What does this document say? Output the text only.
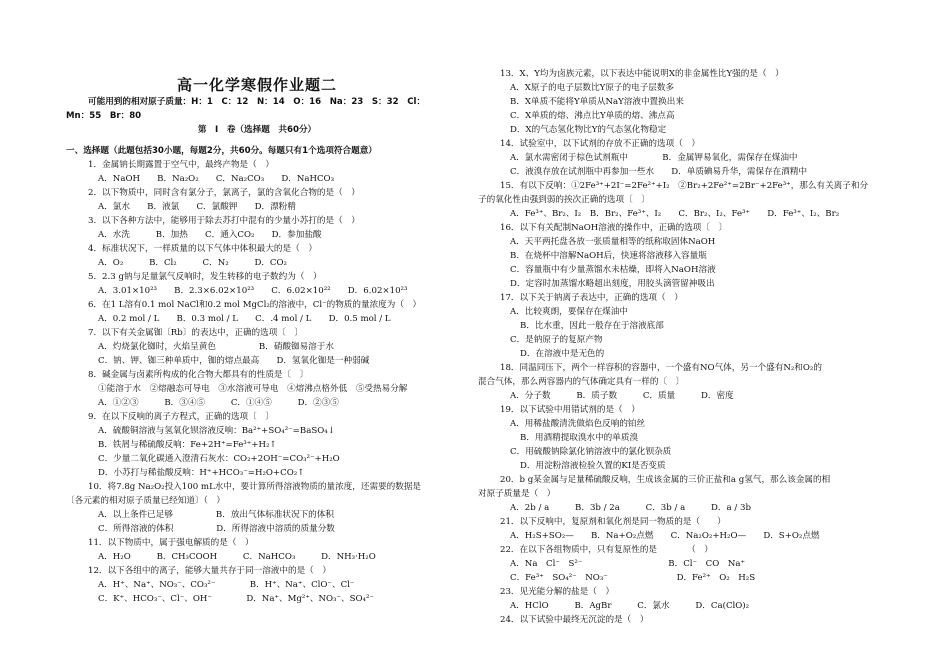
高一化学寒假作业题二
可能用到的相对原子质量：H：1　C：12　N：14　O：16　Na：23　S：32　Cl：
Mn：55　Br：80
第　Ⅰ　卷（选择题　共60分）
一、选择题（此题包括30小题，每题2分，共60分。每题只有1个选项符合题意）
1．金属钠长期露置于空气中，最终产物是（　）
A．NaOH　　B．Na₂O₂　　C．Na₂CO₃　　D．NaHCO₃
2．以下物质中，同时含有氯分子，氯离子，氯的含氧化合物的是（　）
A．氯水　　B．液氯　　C．氯酸钾　　D．漂粉精
3．以下各种方法中，能够用于除去苏打中混有的少量小苏打的是（　）
A．水洗　　　B．加热　　C．通入CO₂　　D．参加盐酸
4．标准状况下，一样质量的以下气体中体积最大的是（　）
A．O₂　　　B．Cl₂　　　C．N₂　　　D．CO₂
5．2.3 g钠与足量氯气反响时，发生转移的电子数约为（　）
A．3.01×10²³　　B．2.3×6.02×10²³　　C．6.02×10²²　　D．6.02×10²³
6．在1 L溶有0.1 mol NaCl和0.2 mol MgCl₂的溶液中，Cl⁻的物质的量浓度为（　）
A．0.2 mol / L　　B．0.3 mol / L　　C．.4 mol / L　　D．0.5 mol / L
7．以下有关金属铷〔Rb〕的表达中，正确的选项〔　〕
A．灼烧氯化铷时，火焰呈黄色　　　　　B．硝酸铷易溶于水
C．钠、钾、铷三种单质中，铷的熔点最高　　D．氢氧化铷是一种弱碱
8．碱金属与卤素所构成的化合物大都具有的性质是〔　〕
①能溶于水　②熔融态可导电　③水溶液可导电　④熔沸点格外低　⑤受热易分解
A．①②③　　　B．③④⑤　　　C．①④⑤　　　D．②③⑤
9．在以下反响的离子方程式，正确的选项〔　〕
A．硫酸铜溶液与氢氧化钡溶液反响：Ba²⁺+SO₄²⁻=BaSO₄↓
B．铁屑与稀硫酸反响：Fe+2H⁺=Fe³⁺+H₂↑
C．少量二氧化碳通入澄清石灰水：CO₂+2OH⁻=CO₃²⁻+H₂O
D．小苏打与稀盐酸反响：H⁺+HCO₃⁻=H₂O+CO₂↑
10．将7.8g Na₂O₂投入100 mL水中，要计算所得溶液物质的量浓度，还需要的数据是
〔各元素的相对原子质量已经知道〕（　）
A．以上条件已足够　　　　　B．放出气体标准状况下的体积
C．所得溶液的体积　　　　　D．所得溶液中溶质的质量分数
11．以下物质中，属于强电解质的是（　）
A．H₂O　　　B．CH₃COOH　　　C．NaHCO₃　　　D．NH₃·H₂O
12．以下各组中的离子，能够大量共存于同一溶液中的是（　）
A．H⁺、Na⁺、NO₃⁻、CO₃²⁻　　　　B．H⁺、Na⁺、ClO⁻、Cl⁻
C．K⁺、HCO₃⁻、Cl⁻、OH⁻　　　　D．Na⁺、Mg²⁺、NO₃⁻、SO₄²⁻
13．X、Y均为卤族元素，以下表达中能说明X的非金属性比Y强的是（　）
A．X原子的电子层数比Y原子的电子层数多
B．X单质不能将Y单质从NaY溶液中置换出来
C．X单质的熔、沸点比Y单质的熔、沸点高
D．X的气态氢化物比Y的气态氢化物稳定
14．试验室中，以下试剂的存放不正确的选项（　）
A．氯水需密闭于棕色试剂瓶中　　　　B．金属钾易氧化，需保存在煤油中
C．液溴存放在试剂瓶中再参加一些水　　D．单质碘易升华，需保存在酒精中
15．有以下反响：①2Fe³⁺+2I⁻=2Fe²⁺+I₂　②Br₂+2Fe²⁺=2Br⁻+2Fe³⁺，那么有关离子和分
子的氧化性由强到弱的挨次正确的选项〔　〕
A．Fe³⁺、Br₂、I₂　B．Br₂、Fe³⁺、I₂　　C．Br₂、I₂、Fe³⁺　　D．Fe³⁺、I₂、Br₂
16．以下有关配制NaOH溶液的操作中，正确的选项〔　〕
A．天平两托盘各放一张质量相等的纸称取固体NaOH
B．在烧杯中溶解NaOH后，快速将溶液移入容量瓶
C．容量瓶中有少量蒸馏水未枯燥，即将入NaOH溶液
D．定容时加蒸馏水略超出刻度，用胶头滴管留神吸出
17．以下关于钠离子表达中，正确的选项（　）
A．比较爽朗，要保存在煤油中
B．比水重，因此一般存在于溶液底部
C．是钠原子的复原产物
D．在溶液中是无色的
18．同温同压下，两个一样容积的容器中，一个盛有NO气体，另一个盛有N₂和O₂的
混合气体，那么两容器内的气体确定具有一样的〔　〕
A．分子数　　　B．质子数　　　C．质量　　　D．密度
19．以下试验中用错试剂的是（　）
A．用稀盐酸清洗做焰色反响的铂丝
B．用酒精提取溴水中的单质溴
C．用硫酸钠除氯化钠溶液中的氯化钡杂质
D．用淀粉溶液检验久置的KI是否变质
20．b g某金属与足量稀硫酸反响，生成该金属的三价正盐和a g氢气，那么该金属的相
对原子质量是（　）
A．2b / a　　　B．3b / 2a　　　C．3b / a　　　D．a / 3b
21．以下反响中，复原剂和氧化剂是同一物质的是（　　）
A．H₂S+SO₂—　　B．Na+O₂点燃　　C．Na₂O₂+H₂O—　　D．S+O₂点燃
22．在以下各组物质中，只有复原性的是　　　　（　）
A．Na　Cl⁻　S²⁻　　　　　　　　　　B．Cl⁻　CO　Na⁺
C．Fe³⁺　SO₄²⁻　NO₃⁻　　　　　　　　D．Fe²⁺　O₂　H₂S
23．见光能分解的盐是（　）
A．HClO　　　B．AgBr　　　C．氯水　　　D．Ca(ClO)₂
24．以下试验中最终无沉淀的是（　）
